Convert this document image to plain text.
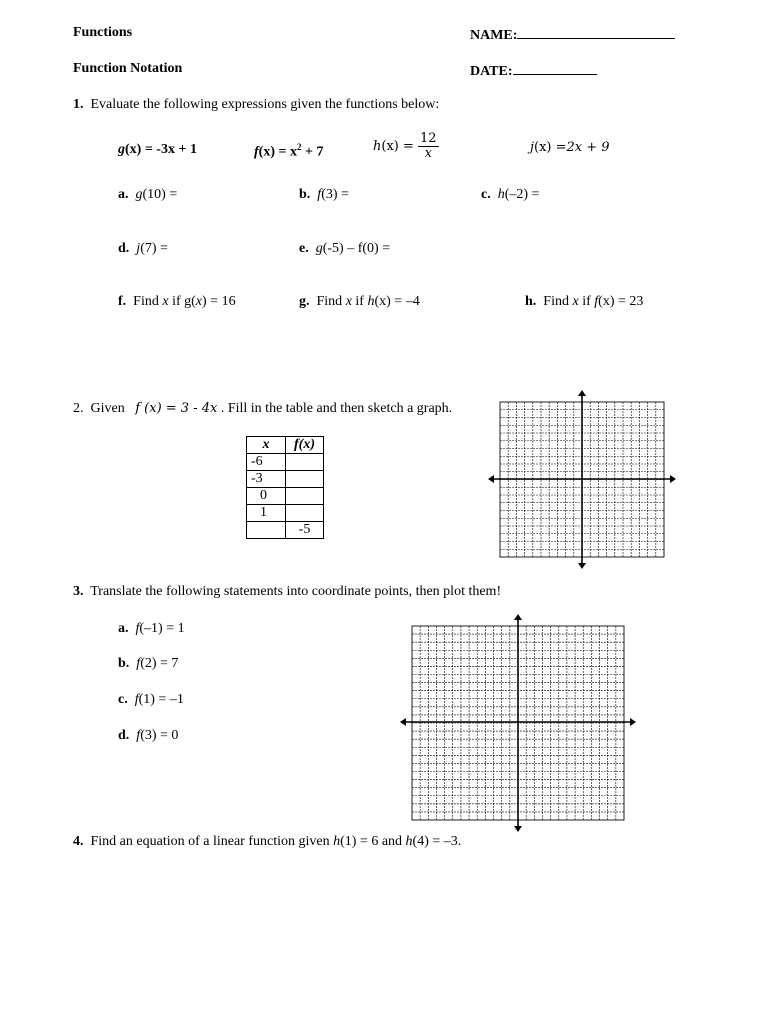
Functions	NAME:
Function Notation	DATE:
1. Evaluate the following expressions given the functions below:
g(x) = -3x + 1	$f(x) = x^2 + 7$	$h(x) = \frac{12}{x}$	j(x) =2x + 9
a. g(10) =	b. f(3) =	c. h(–2) =
d. j(7) =	e. g(-5) – f(0) =
f. Find x if g(x) = 16	g. Find x if h(x) = –4	h. Find x if f(x) = 23
2. Given f (x) = 3 - 4x . Fill in the table and then sketch a graph.
x	f(x)
-6	
-3	
0	
1	
	-5
3. Translate the following statements into coordinate points, then plot them!
a. f(–1) = 1
b. f(2) = 7
c. f(1) = –1
d. f(3) = 0
4. Find an equation of a linear function given h(1) = 6 and h(4) = –3.
